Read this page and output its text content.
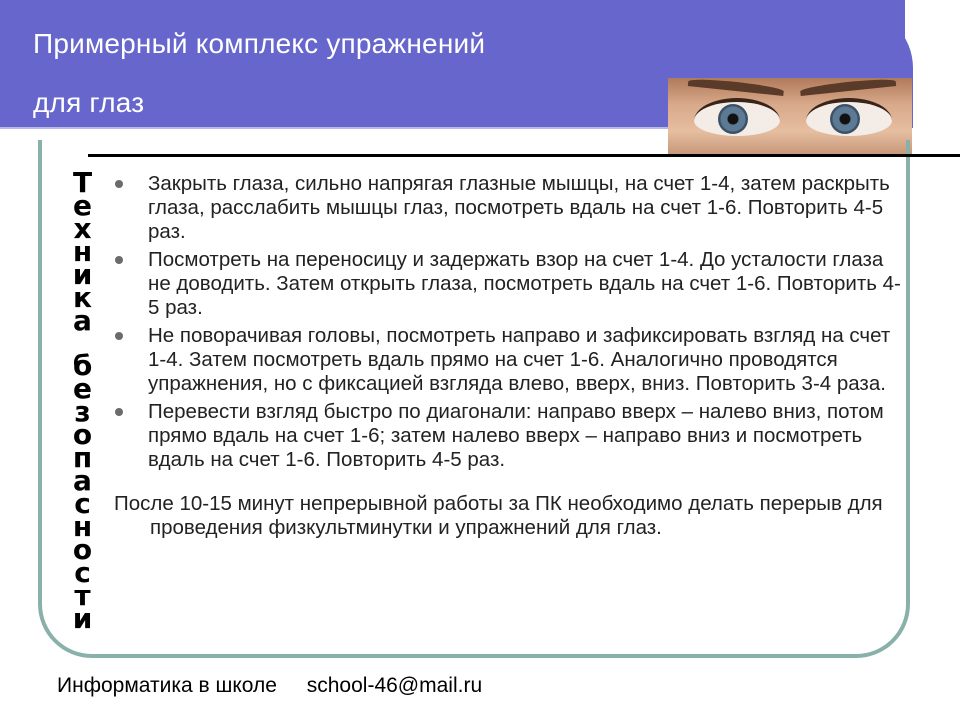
Примерный комплекс упражнений
для глаз
Техника
безопасности
Закрыть глаза, сильно напрягая глазные мышцы, на счет 1-4, затем раскрыть глаза, расслабить мышцы глаз, посмотреть вдаль на счет 1-6. Повторить 4-5 раз.
Посмотреть на переносицу и задержать взор на счет 1-4. До усталости глаза не доводить. Затем открыть глаза, посмотреть вдаль на счет 1-6. Повторить 4-5 раз.
Не поворачивая головы, посмотреть направо и зафиксировать взгляд на счет 1-4. Затем посмотреть вдаль прямо на счет 1-6. Аналогично проводятся упражнения, но с фиксацией взгляда влево, вверх, вниз. Повторить 3-4 раза.
Перевести взгляд быстро по диагонали: направо вверх – налево вниз, потом прямо вдаль на счет 1-6; затем налево вверх – направо вниз и посмотреть вдаль на счет 1-6. Повторить 4-5 раз.
После 10-15 минут непрерывной работы за ПК необходимо делать перерыв для проведения физкультминутки и упражнений для глаз.
Информатика в школе school-46@mail.ru
